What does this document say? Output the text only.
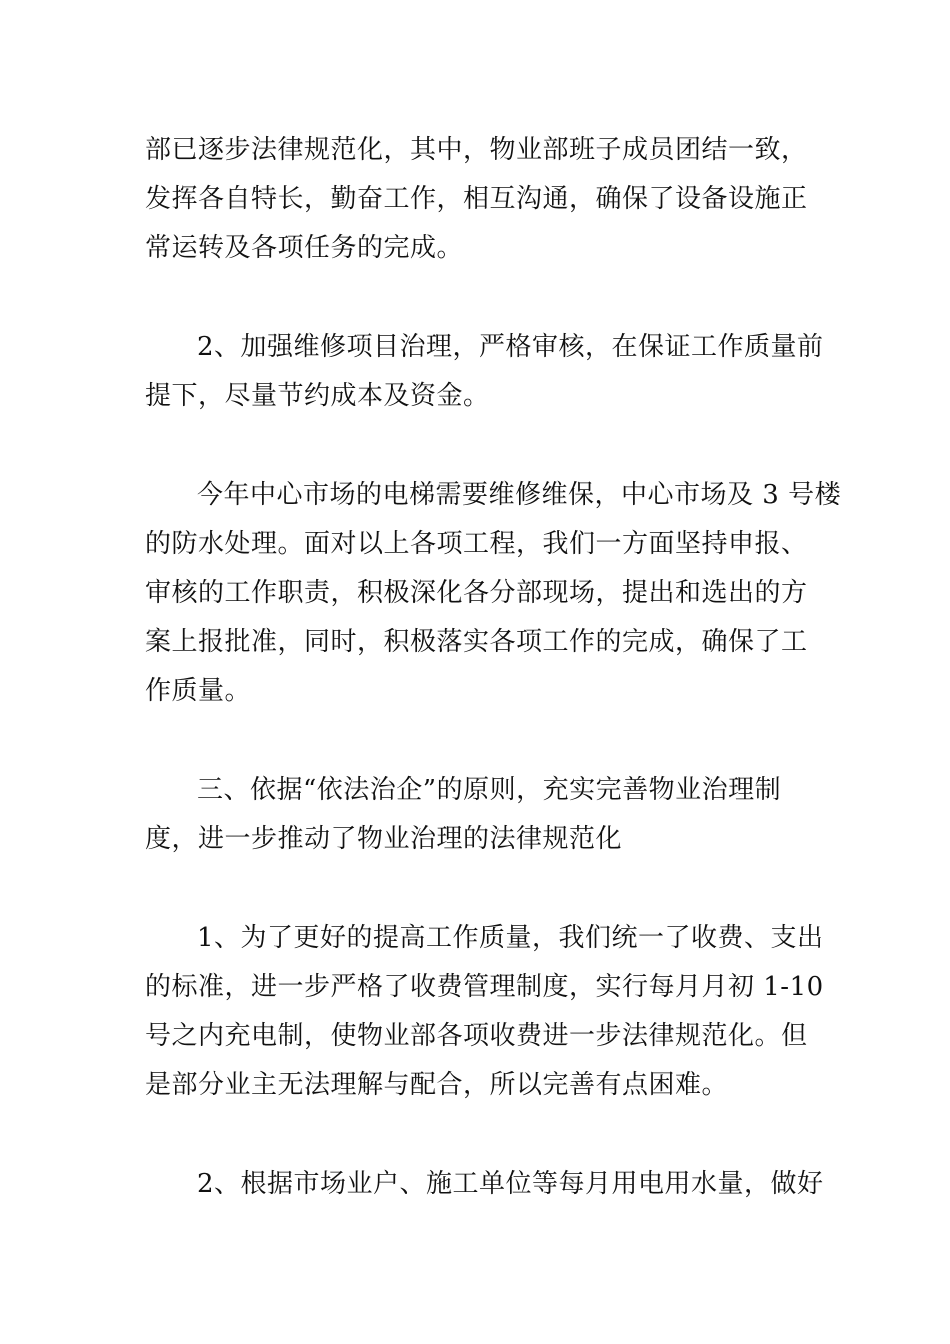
部已逐步法律规范化，其中，物业部班子成员团结一致，
发挥各自特长，勤奋工作，相互沟通，确保了设备设施正
常运转及各项任务的完成。

2、加强维修项目治理，严格审核，在保证工作质量前
提下，尽量节约成本及资金。

今年中心市场的电梯需要维修维保，中心市场及 3 号楼
的防水处理。面对以上各项工程，我们一方面坚持申报、
审核的工作职责，积极深化各分部现场，提出和选出的方
案上报批准，同时，积极落实各项工作的完成，确保了工
作质量。

三、依据“依法治企”的原则，充实完善物业治理制
度，进一步推动了物业治理的法律规范化

1、为了更好的提高工作质量，我们统一了收费、支出
的标准，进一步严格了收费管理制度，实行每月月初 1-10
号之内充电制，使物业部各项收费进一步法律规范化。但
是部分业主无法理解与配合，所以完善有点困难。

2、根据市场业户、施工单位等每月用电用水量，做好
